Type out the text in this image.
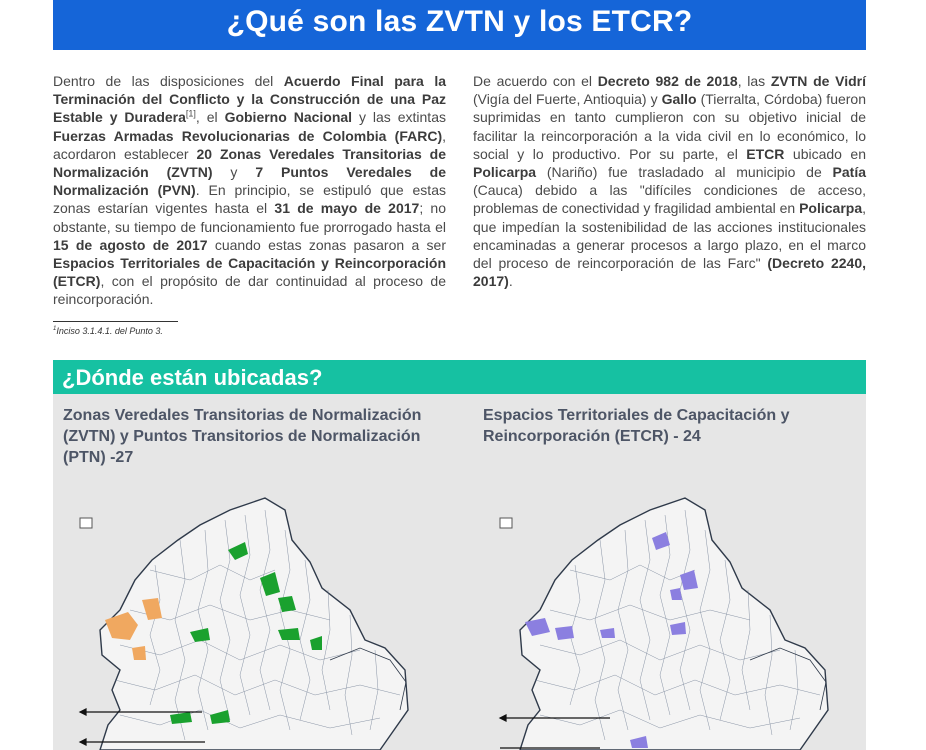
¿Qué son las ZVTN y los ETCR?
Dentro de las disposiciones del Acuerdo Final para la Terminación del Conflicto y la Construcción de una Paz Estable y Duradera[1], el Gobierno Nacional y las extintas Fuerzas Armadas Revolucionarias de Colombia (FARC), acordaron establecer 20 Zonas Veredales Transitorias de Normalización (ZVTN) y 7 Puntos Veredales de Normalización (PVN). En principio, se estipuló que estas zonas estarían vigentes hasta el 31 de mayo de 2017; no obstante, su tiempo de funcionamiento fue prorrogado hasta el 15 de agosto de 2017 cuando estas zonas pasaron a ser Espacios Territoriales de Capacitación y Reincorporación (ETCR), con el propósito de dar continuidad al proceso de reincorporación.
De acuerdo con el Decreto 982 de 2018, las ZVTN de Vidrí (Vigía del Fuerte, Antioquia) y Gallo (Tierralta, Córdoba) fueron suprimidas en tanto cumplieron con su objetivo inicial de facilitar la reincorporación a la vida civil en lo económico, lo social y lo productivo. Por su parte, el ETCR ubicado en Policarpa (Nariño) fue trasladado al municipio de Patía (Cauca) debido a las "difíciles condiciones de acceso, problemas de conectividad y fragilidad ambiental en Policarpa, que impedían la sostenibilidad de las acciones institucionales encaminadas a generar procesos a largo plazo, en el marco del proceso de reincorporación de las Farc" (Decreto 2240, 2017).
$^1$Inciso 3.1.4.1. del Punto 3.
¿Dónde están ubicadas?
Zonas Veredales Transitorias de Normalización (ZVTN) y Puntos Transitorios de Normalización (PTN) -27
Espacios Territoriales de Capacitación y Reincorporación (ETCR) - 24
